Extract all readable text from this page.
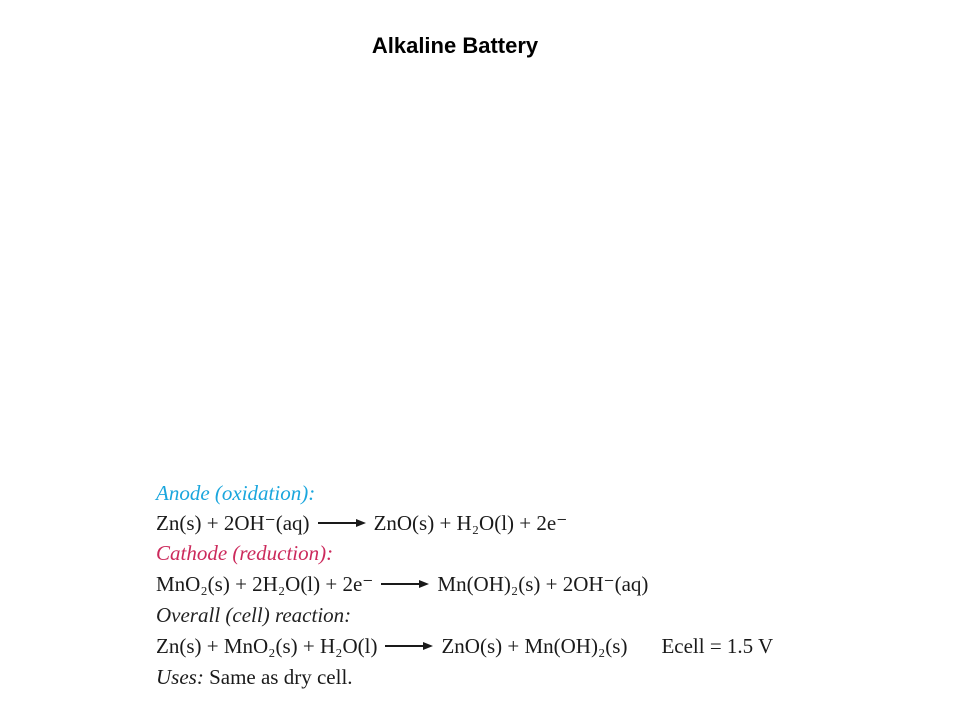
Alkaline Battery
Anode (oxidation):
Zn(s) + 2OH⁻(aq) → ZnO(s) + H₂O(l) + 2e⁻
Cathode (reduction):
MnO₂(s) + 2H₂O(l) + 2e⁻ → Mn(OH)₂(s) + 2OH⁻(aq)
Overall (cell) reaction:
Zn(s) + MnO₂(s) + H₂O(l) → ZnO(s) + Mn(OH)₂(s) Ecell = 1.5 V
Uses: Same as dry cell.
